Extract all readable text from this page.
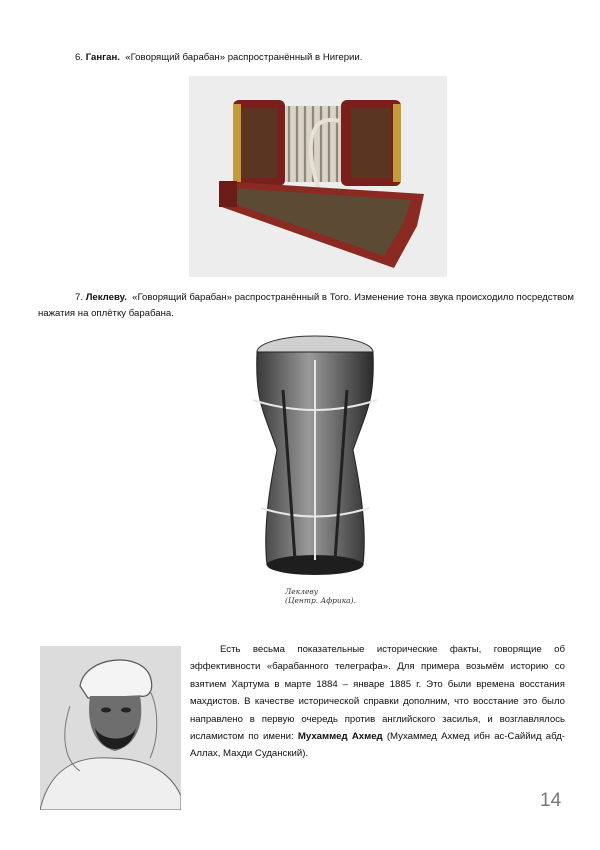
6. Ганган. «Говорящий барабан» распространённый в Нигерии.

7. Леклеву. «Говорящий барабан» распространённый в Того. Изменение тона звука происходило посредством нажатия на оплётку барабана.

Леклеву
(Центр. Африка).

Есть весьма показательные исторические факты, говорящие об эффективности «барабанного телеграфа». Для примера возьмём историю со взятием Хартума в марте 1884 – январе 1885 г. Это были времена восстания махдистов. В качестве исторической справки дополним, что восстание это было направлено в первую очередь против английского засилья, и возглавлялось исламистом по имени: Мухаммед Ахмед (Мухаммед Ахмед ибн ас-Саййид абд-Аллах, Махди Суданский).

14
